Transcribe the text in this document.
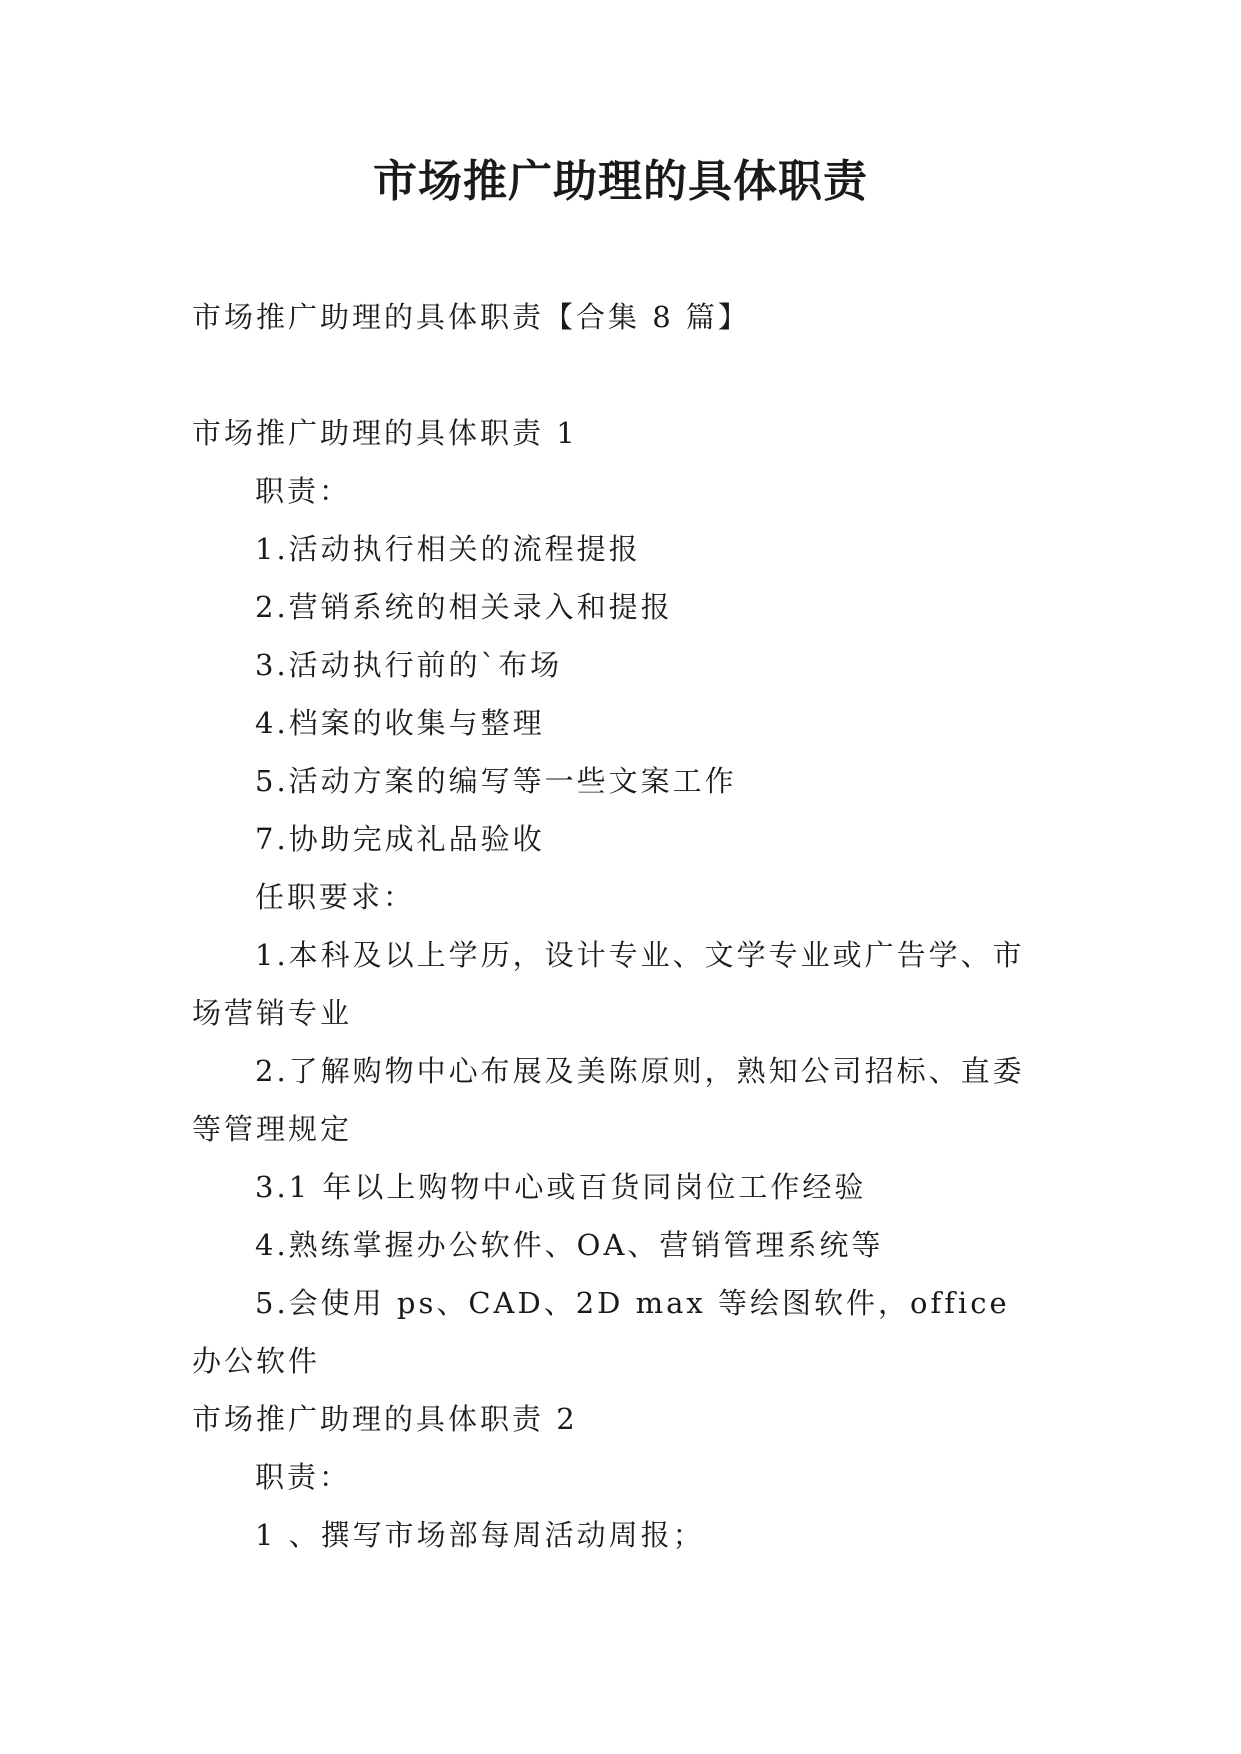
市场推广助理的具体职责
市场推广助理的具体职责【合集 8 篇】
市场推广助理的具体职责 1
职责：
1.活动执行相关的流程提报
2.营销系统的相关录入和提报
3.活动执行前的`布场
4.档案的收集与整理
5.活动方案的编写等一些文案工作
7.协助完成礼品验收
任职要求：
1.本科及以上学历，设计专业、文学专业或广告学、市场营销专业
2.了解购物中心布展及美陈原则，熟知公司招标、直委等管理规定
3.1 年以上购物中心或百货同岗位工作经验
4.熟练掌握办公软件、OA、营销管理系统等
5.会使用 ps、CAD、2D max 等绘图软件，office 办公软件
市场推广助理的具体职责 2
职责：
1 、撰写市场部每周活动周报；
